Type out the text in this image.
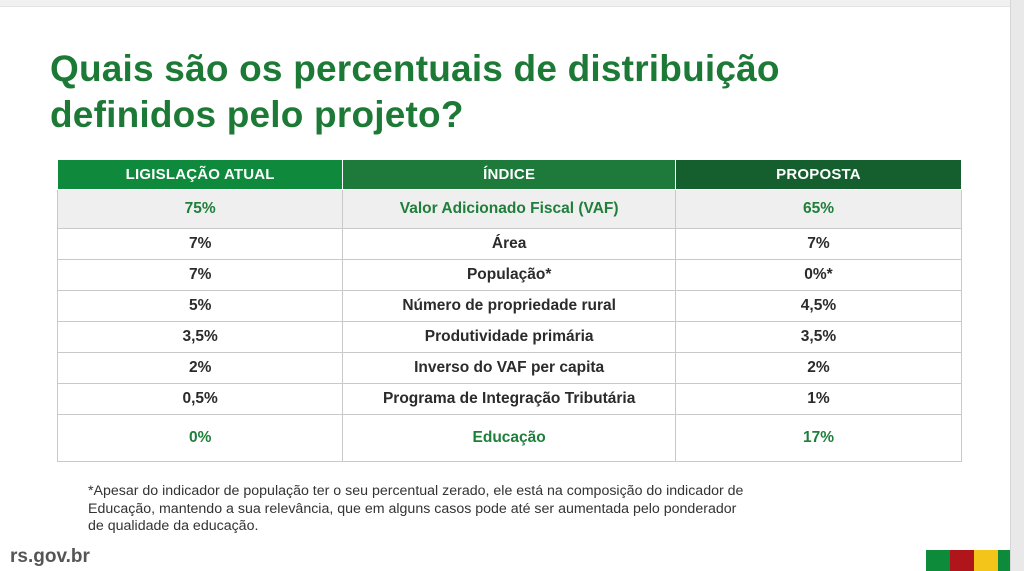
Quais são os percentuais de distribuição
definidos pelo projeto?
LIGISLAÇÃO ATUAL	ÍNDICE	PROPOSTA
75%	Valor Adicionado Fiscal (VAF)	65%
7%	Área	7%
7%	População*	0%*
5%	Número de propriedade rural	4,5%
3,5%	Produtividade primária	3,5%
2%	Inverso do VAF per capita	2%
0,5%	Programa de Integração Tributária	1%
0%	Educação	17%

*Apesar do indicador de população ter o seu percentual zerado, ele está na composição do indicador de
Educação, mantendo a sua relevância, que em alguns casos pode até ser aumentada pelo ponderador
de qualidade da educação.

rs.gov.br
